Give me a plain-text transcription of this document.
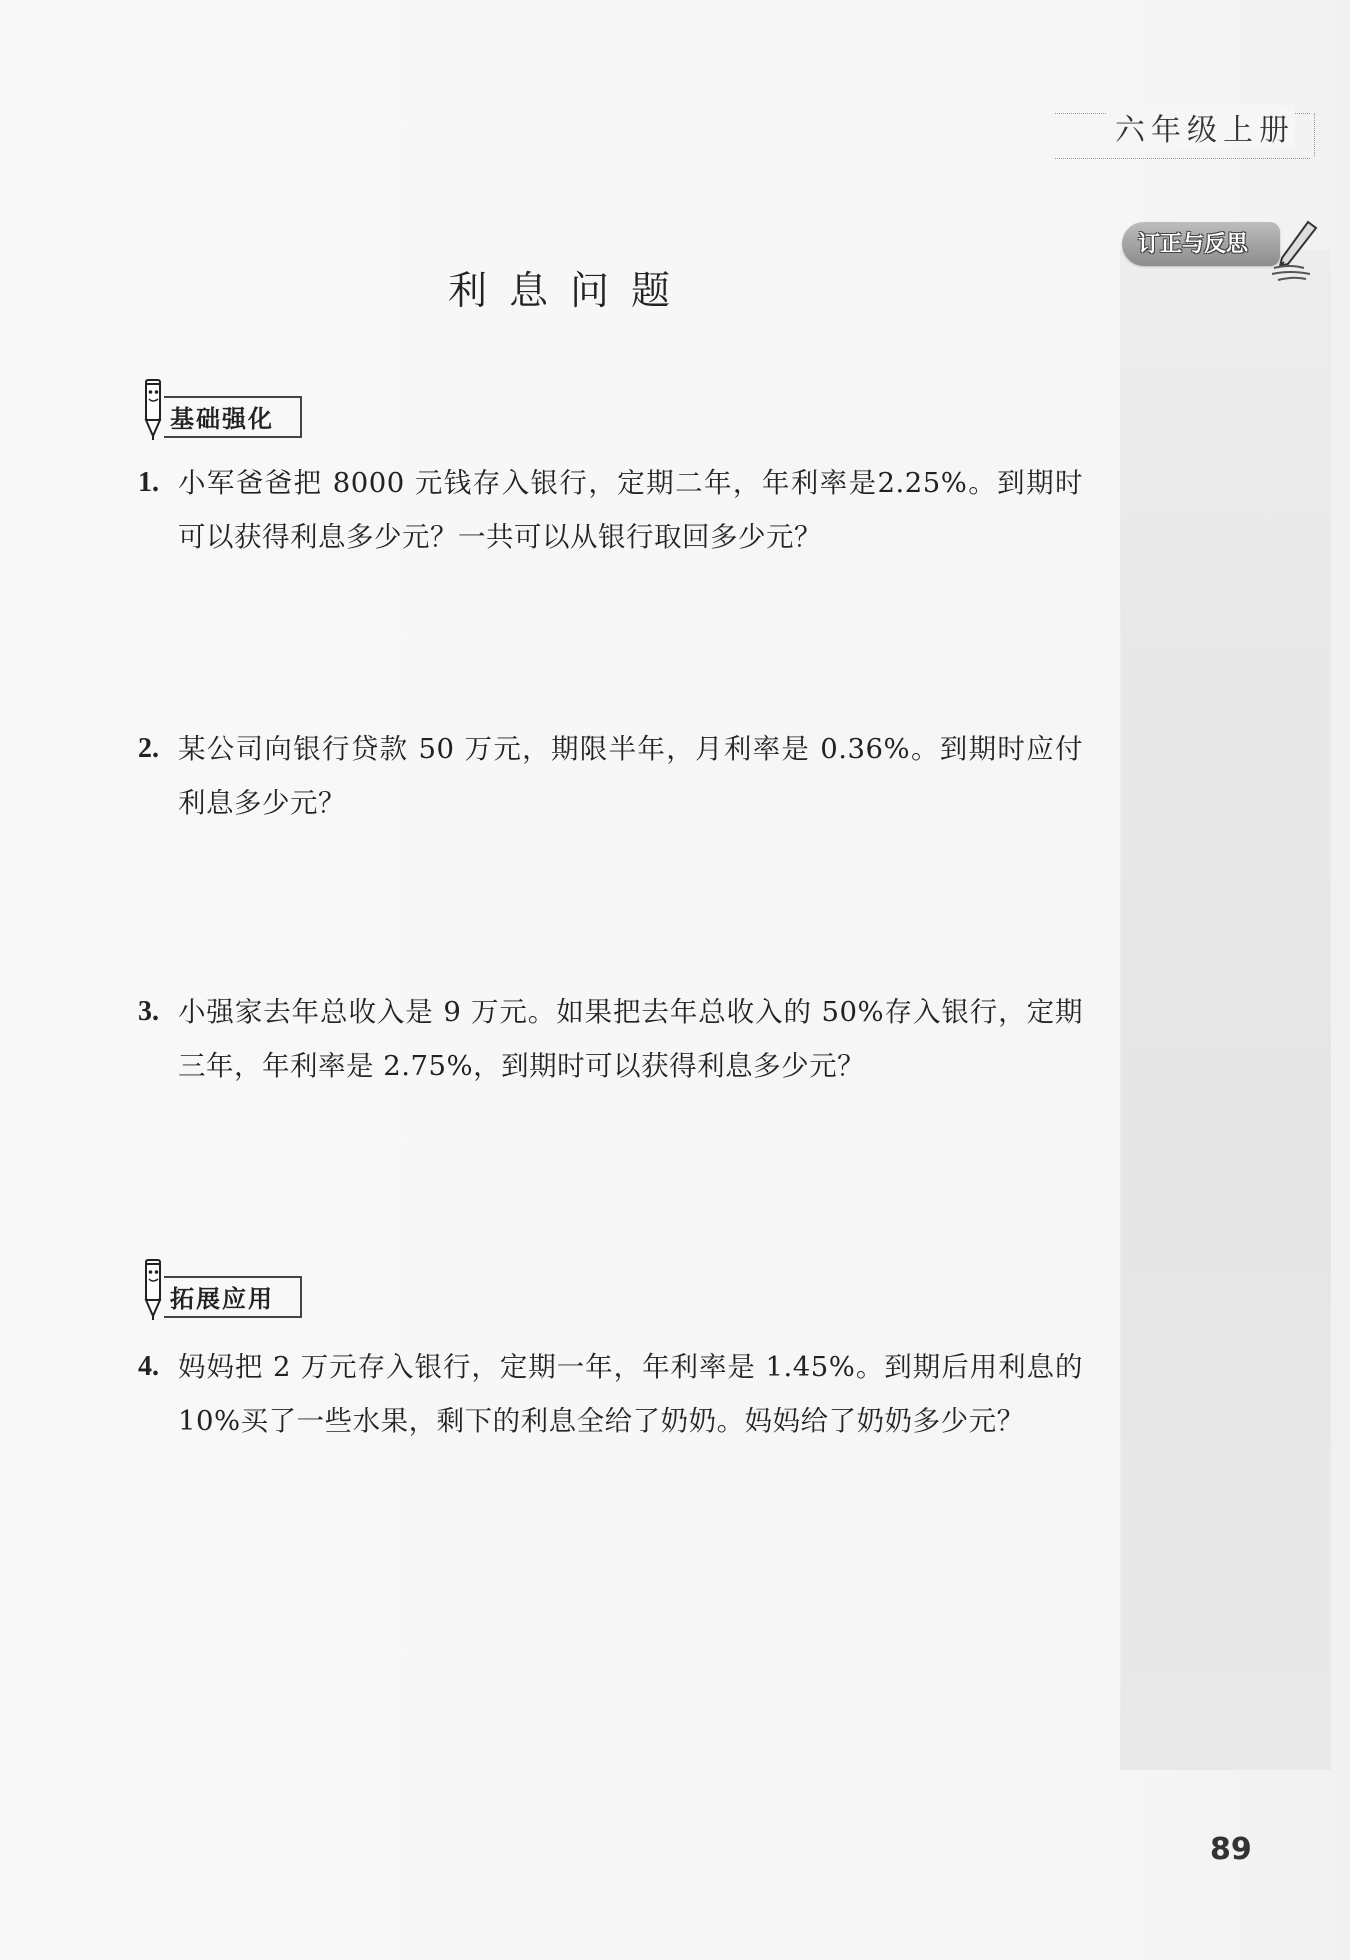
六年级上册
订正与反思
利息问题
基础强化
1. 小军爸爸把 8000 元钱存入银行，定期二年，年利率是2.25%。到期时可以获得利息多少元？一共可以从银行取回多少元？
2. 某公司向银行贷款 50 万元，期限半年，月利率是 0.36%。到期时应付利息多少元？
3. 小强家去年总收入是 9 万元。如果把去年总收入的 50%存入银行，定期三年，年利率是 2.75%，到期时可以获得利息多少元？
拓展应用
4. 妈妈把 2 万元存入银行，定期一年，年利率是 1.45%。到期后用利息的 10%买了一些水果，剩下的利息全给了奶奶。妈妈给了奶奶多少元？
89
